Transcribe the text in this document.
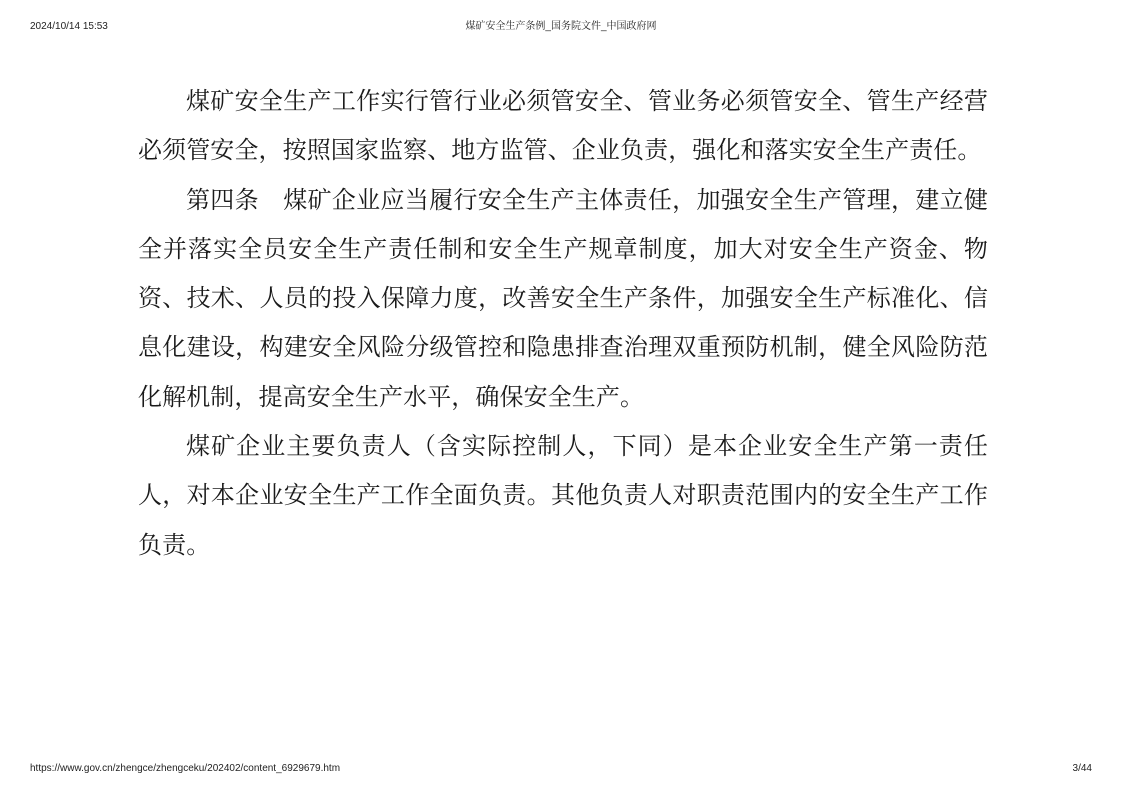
2024/10/14 15:53	煤矿安全生产条例_国务院文件_中国政府网

煤矿安全生产工作实行管行业必须管安全、管业务必须管安全、管生产经营必须管安全，按照国家监察、地方监管、企业负责，强化和落实安全生产责任。

第四条　煤矿企业应当履行安全生产主体责任，加强安全生产管理，建立健全并落实全员安全生产责任制和安全生产规章制度，加大对安全生产资金、物资、技术、人员的投入保障力度，改善安全生产条件，加强安全生产标准化、信息化建设，构建安全风险分级管控和隐患排查治理双重预防机制，健全风险防范化解机制，提高安全生产水平，确保安全生产。

煤矿企业主要负责人（含实际控制人，下同）是本企业安全生产第一责任人，对本企业安全生产工作全面负责。其他负责人对职责范围内的安全生产工作负责。

https://www.gov.cn/zhengce/zhengceku/202402/content_6929679.htm	3/44
